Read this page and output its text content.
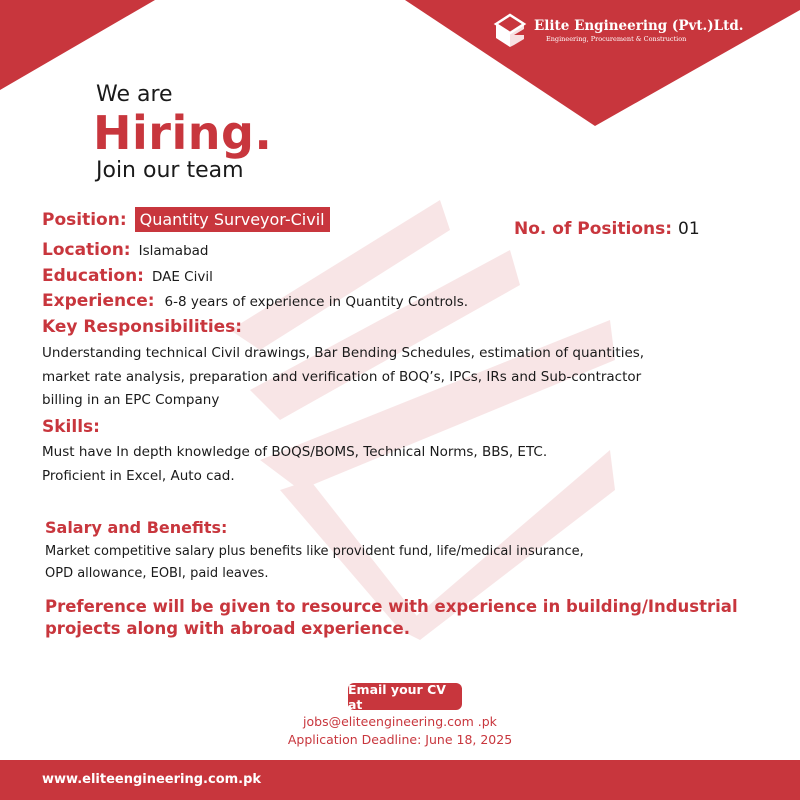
Elite Engineering (Pvt.)Ltd.
Engineering, Procurement & Construction
We are
Hiring.
Join our team
Position: Quantity Surveyor-Civil	No. of Positions: 01
Location: Islamabad
Education: DAE Civil
Experience: 6-8 years of experience in Quantity Controls.
Key Responsibilities:
Understanding technical Civil drawings, Bar Bending Schedules, estimation of quantities,
market rate analysis, preparation and verification of BOQ’s, IPCs, IRs and Sub-contractor
billing in an EPC Company
Skills:
Must have In depth knowledge of BOQS/BOMS, Technical Norms, BBS, ETC.
Proficient in Excel, Auto cad.
Salary and Benefits:
Market competitive salary plus benefits like provident fund, life/medical insurance,
OPD allowance, EOBI, paid leaves.
Preference will be given to resource with experience in building/Industrial
projects along with abroad experience.
Email your CV at
jobs@eliteengineering.com .pk
Application Deadline: June 18, 2025
www.eliteengineering.com.pk
